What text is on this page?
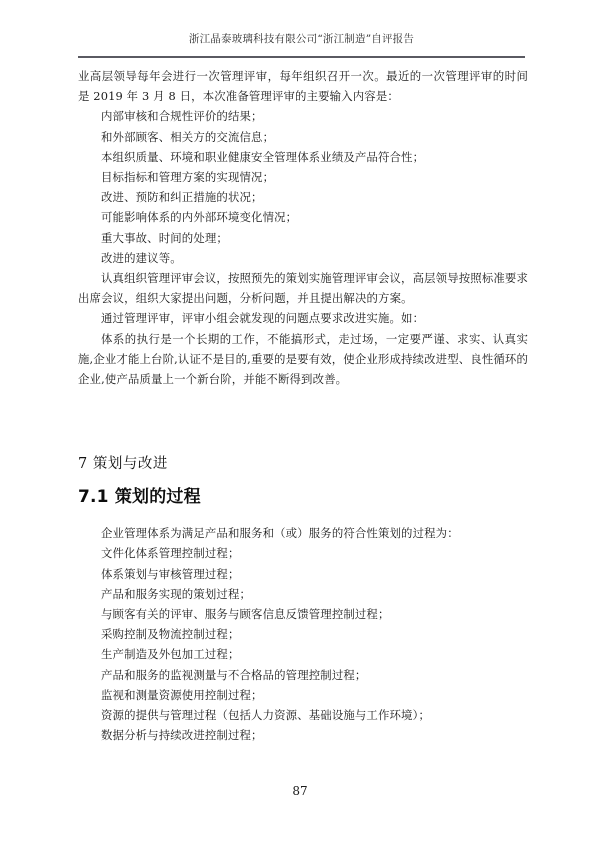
浙江晶泰玻璃科技有限公司“浙江制造”自评报告

业高层领导每年会进行一次管理评审，每年组织召开一次。最近的一次管理评审的时间是 2019 年 3 月 8 日，本次准备管理评审的主要输入内容是：

内部审核和合规性评价的结果；

和外部顾客、相关方的交流信息；

本组织质量、环境和职业健康安全管理体系业绩及产品符合性；

目标指标和管理方案的实现情况；

改进、预防和纠正措施的状况；

可能影响体系的内外部环境变化情况；

重大事故、时间的处理；

改进的建议等。

认真组织管理评审会议，按照预先的策划实施管理评审会议，高层领导按照标准要求出席会议，组织大家提出问题，分析问题，并且提出解决的方案。

通过管理评审，评审小组会就发现的问题点要求改进实施。如：

体系的执行是一个长期的工作，不能搞形式，走过场，一定要严谨、求实、认真实施,企业才能上台阶,认证不是目的,重要的是要有效，使企业形成持续改进型、良性循环的企业,使产品质量上一个新台阶，并能不断得到改善。

7 策划与改进
7.1 策划的过程

企业管理体系为满足产品和服务和（或）服务的符合性策划的过程为：

文件化体系管理控制过程；

体系策划与审核管理过程；

产品和服务实现的策划过程；

与顾客有关的评审、服务与顾客信息反馈管理控制过程；

采购控制及物流控制过程；

生产制造及外包加工过程；

产品和服务的监视测量与不合格品的管理控制过程；

监视和测量资源使用控制过程；

资源的提供与管理过程（包括人力资源、基础设施与工作环境）；

数据分析与持续改进控制过程；

87
